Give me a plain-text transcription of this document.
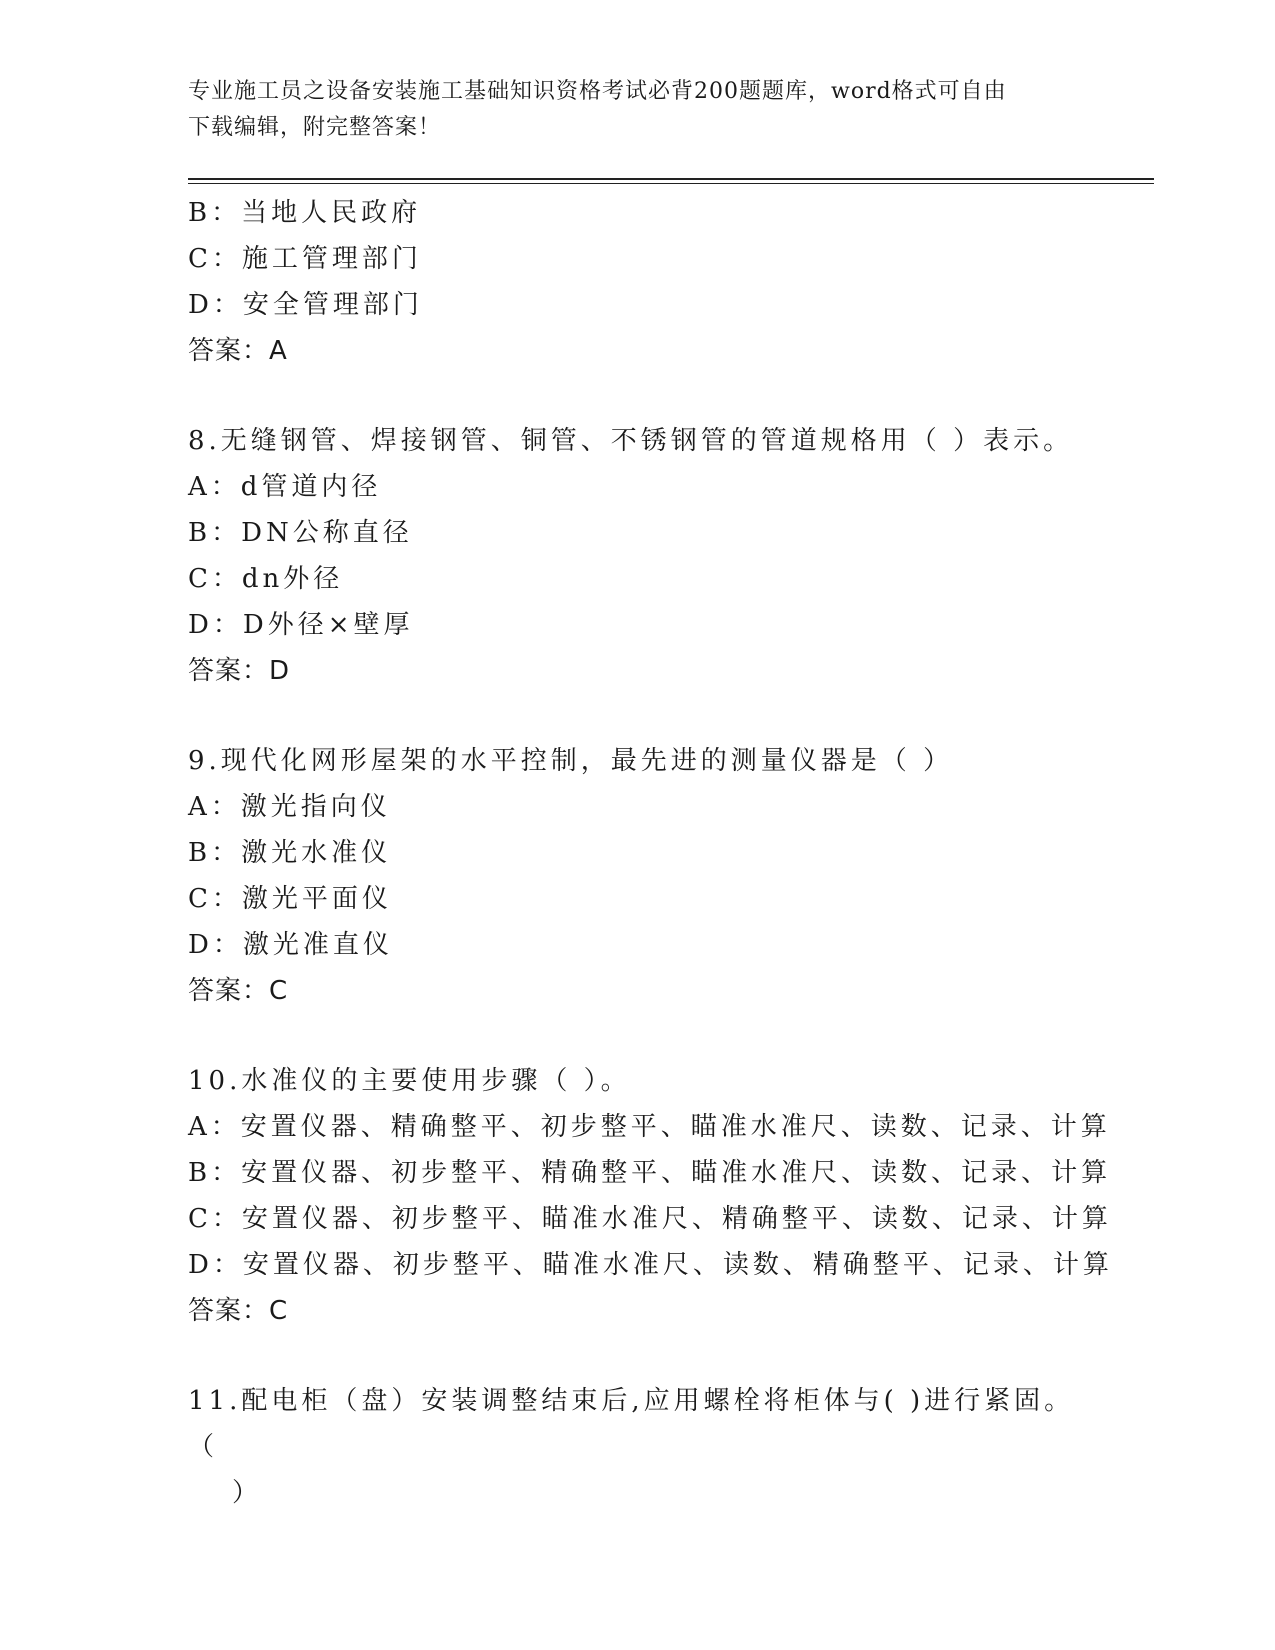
专业施工员之设备安装施工基础知识资格考试必背200题题库，word格式可自由
下载编辑，附完整答案！
B：当地人民政府
C：施工管理部门
D：安全管理部门
答案：A
8.无缝钢管、焊接钢管、铜管、不锈钢管的管道规格用（ ）表示。
A：d管道内径
B：DN公称直径
C：dn外径
D：D外径×壁厚
答案：D
9.现代化网形屋架的水平控制，最先进的测量仪器是（ ）
A：激光指向仪
B：激光水准仪
C：激光平面仪
D：激光准直仪
答案：C
10.水准仪的主要使用步骤（ ）。
A：安置仪器、精确整平、初步整平、瞄准水准尺、读数、记录、计算
B：安置仪器、初步整平、精确整平、瞄准水准尺、读数、记录、计算
C：安置仪器、初步整平、瞄准水准尺、精确整平、读数、记录、计算
D：安置仪器、初步整平、瞄准水准尺、读数、精确整平、记录、计算
答案：C
11.配电柜（盘）安装调整结束后,应用螺栓将柜体与( )进行紧固。（
）
